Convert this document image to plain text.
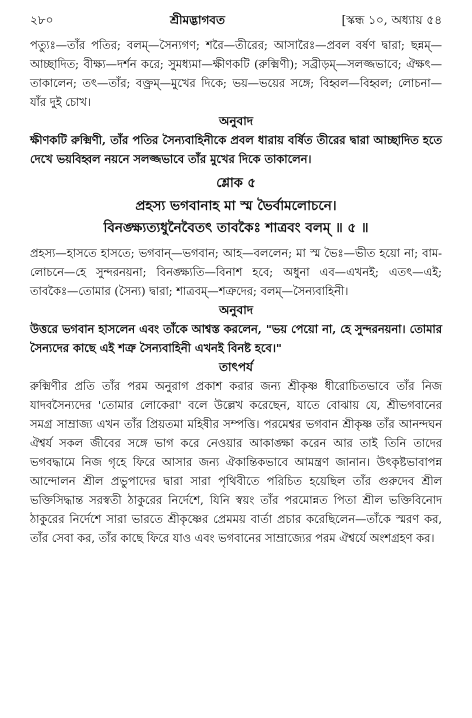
২৮০	শ্রীমদ্ভাগবত	[স্কন্ধ ১০, অধ্যায় ৫৪
পত্যুঃ—তাঁর পতির; বলম্—সৈন্যগণ; শরৈ—তীরের; আসারৈঃ—প্রবল বর্ষণ দ্বারা; ছন্নম্—আচ্ছাদিত; বীক্ষ্য—দর্শন করে; সুমধ্যমা—ক্ষীণকটি (রুক্মিণী); সব্রীড়ম্—সলজ্জভাবে; ঐক্ষৎ—তাকালেন; তৎ—তাঁর; বক্ত্রম্—মুখের দিকে; ভয়—ভয়ের সঙ্গে; বিহ্বল—বিহ্বল; লোচনা—যাঁর দুই চোখ।
অনুবাদ
ক্ষীণকটি রুক্মিণী, তাঁর পতির সৈন্যবাহিনীকে প্রবল ধারায় বর্ষিত তীরের দ্বারা আচ্ছাদিত হতে দেখে ভয়বিহ্বল নয়নে সলজ্জভাবে তাঁর মুখের দিকে তাকালেন।
শ্লোক ৫
প্রহস্য ভগবানাহ মা স্ম ভৈর্বামলোচনে।
বিনঙ্ক্ষ্যত্যধুনৈবৈতৎ তাবকৈঃ শাত্রবং বলম্ ॥ ৫ ॥
প্রহস্য—হাসতে হাসতে; ভগবান্—ভগবান; আহ—বললেন; মা স্ম ভৈঃ—ভীত হয়ো না; বাম-লোচনে—হে সুন্দরনয়না; বিনঙ্ক্ষ্যতি—বিনাশ হবে; অধুনা এব—এখনই; এতৎ—এই; তাবকৈঃ—তোমার (সৈন্য) দ্বারা; শাত্রবম্—শত্রুদের; বলম্—সৈন্যবাহিনী।
অনুবাদ
উত্তরে ভগবান হাসলেন এবং তাঁকে আশ্বস্ত করলেন, "ভয় পেয়ো না, হে সুন্দরনয়না। তোমার সৈন্যদের কাছে এই শত্রু সৈন্যবাহিনী এখনই বিনষ্ট হবে।"
তাৎপর্য
রুক্মিণীর প্রতি তাঁর পরম অনুরাগ প্রকাশ করার জন্য শ্রীকৃষ্ণ ধীরোচিতভাবে তাঁর নিজ যাদবসৈন্যদের 'তোমার লোকেরা' বলে উল্লেখ করেছেন, যাতে বোঝায় যে, শ্রীভগবানের সমগ্র সাম্রাজ্য এখন তাঁর প্রিয়তমা মহিষীর সম্পত্তি। পরমেশ্বর ভগবান শ্রীকৃষ্ণ তাঁর আনন্দঘন ঐশ্বর্য সকল জীবের সঙ্গে ভাগ করে নেওয়ার আকাঙ্ক্ষা করেন আর তাই তিনি তাদের ভগবদ্ধামে নিজ গৃহে ফিরে আসার জন্য ঐকান্তিকভাবে আমন্ত্রণ জানান। উৎকৃষ্টভাবাপন্ন আন্দোলন শ্রীল প্রভুপাদের দ্বারা সারা পৃথিবীতে পরিচিত হয়েছিল তাঁর গুরুদেব শ্রীল ভক্তিসিদ্ধান্ত সরস্বতী ঠাকুরের নির্দেশে, যিনি স্বয়ং তাঁর পরমোন্নত পিতা শ্রীল ভক্তিবিনোদ ঠাকুরের নির্দেশে সারা ভারতে শ্রীকৃষ্ণের প্রেমময় বার্তা প্রচার করেছিলেন—তাঁকে স্মরণ কর, তাঁর সেবা কর, তাঁর কাছে ফিরে যাও এবং ভগবানের সাম্রাজ্যের পরম ঐশ্বর্যে অংশগ্রহণ কর।
